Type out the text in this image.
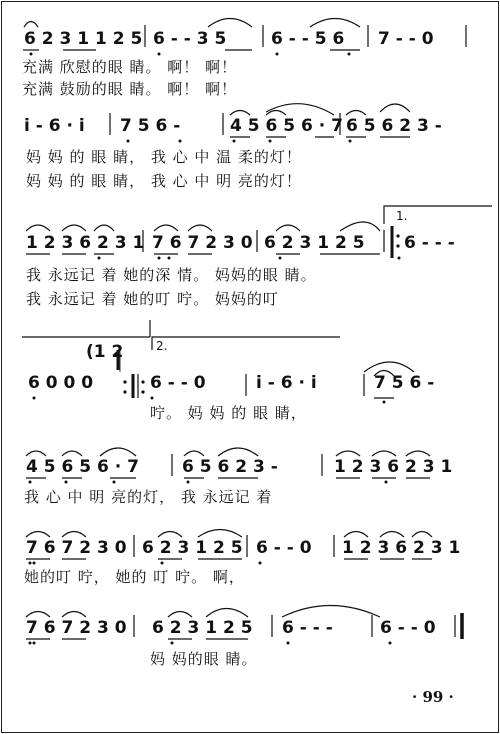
6 2 3 1 1 2 5 6 - - 3 5	6 - - 5 6 7 - - 0
i - 6 · i 7 5 6 -	4 5 6 5 6 · 7 6 5 6 2 3 -
1 2 3 6 2 3 1 7 6 7 2 3 0 6 2 3 1 2 5 6 - - -
1.
(1 2	2.
6 0 0 0	6 - - 0	i - 6 · i	7 5 6 -
4 5 6 5 6 · 7	6 5 6 2 3 -	1 2 3 6 2 3 1
7 6 7 2 3 0 6 2 3 1 2 5 6 - - 0 1 2 3 6 2 3 1
7 6 7 2 3 0 6 2 3 1 2 5 6 - - -	6 - - 0
充满 欣慰的眼 睛。 啊！ 啊！
充满 鼓励的眼 睛。 啊！ 啊！
妈 妈 的 眼 睛， 我 心 中 温 柔的灯！
妈 妈 的 眼 睛， 我 心 中 明 亮的灯！
我 永远记 着 她的深 情。 妈妈的眼 睛。
我 永远记 着 她的叮 咛。 妈妈的叮
咛。 妈 妈 的 眼 睛，
我 心 中 明 亮的灯， 我 永远记 着
她的叮 咛， 她的 叮 咛。 啊，
妈 妈的眼 睛。
· 99 ·
